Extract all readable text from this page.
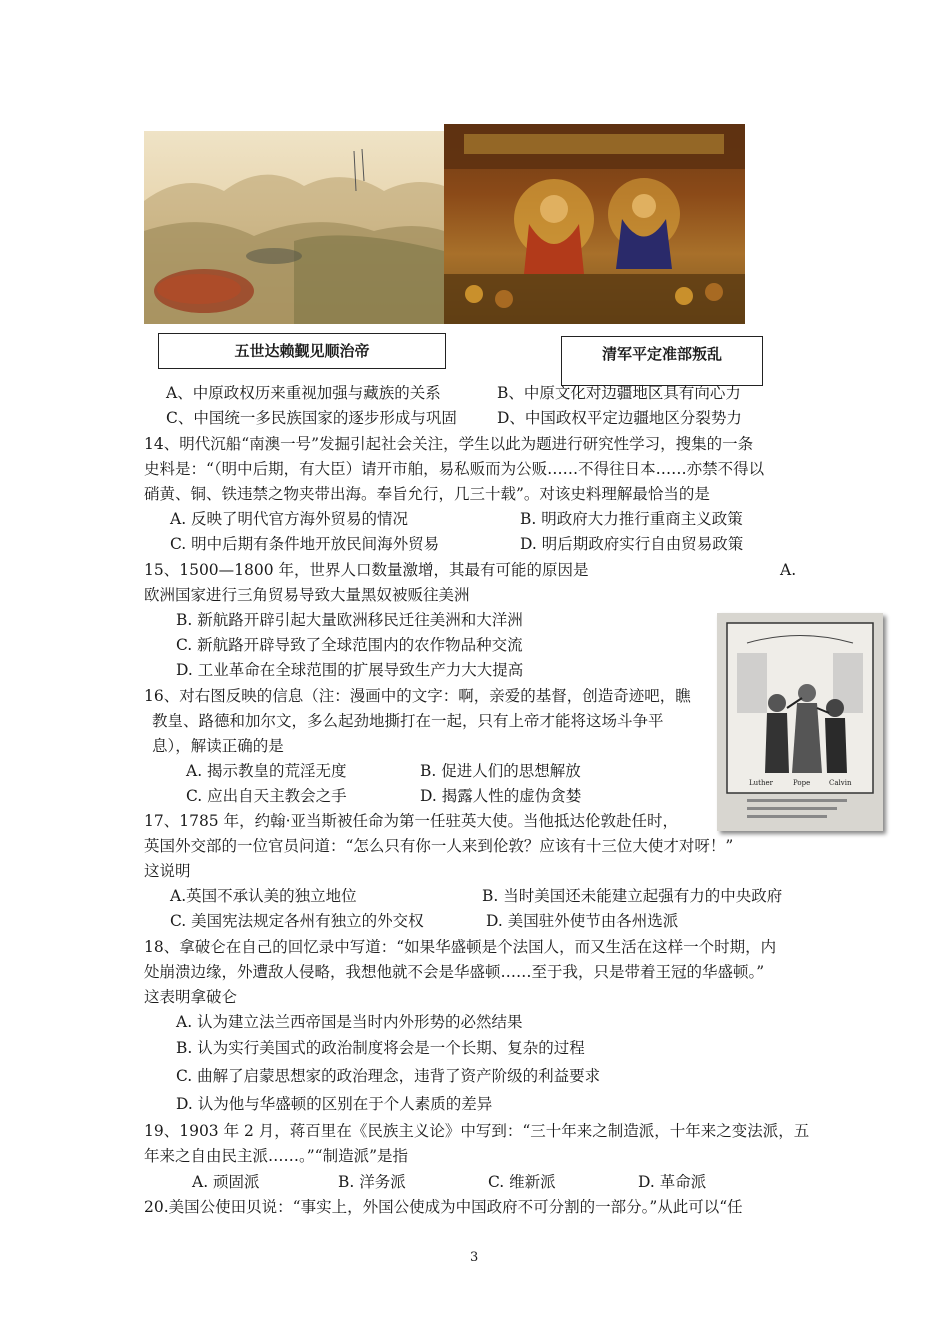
五世达赖觐见顺治帝	清军平定准部叛乱
A、中原政权历来重视加强与藏族的关系	B、中原文化对边疆地区具有向心力
C、中国统一多民族国家的逐步形成与巩固	D、中国政权平定边疆地区分裂势力
14、明代沉船“南澳一号”发掘引起社会关注，学生以此为题进行研究性学习，搜集的一条
史料是：“（明中后期，有大臣）请开市舶，易私贩而为公贩……不得往日本……亦禁不得以
硝黄、铜、铁违禁之物夹带出海。奉旨允行，几三十载”。对该史料理解最恰当的是
A. 反映了明代官方海外贸易的情况	B. 明政府大力推行重商主义政策
C. 明中后期有条件地开放民间海外贸易	D. 明后期政府实行自由贸易政策
15、1500—1800 年，世界人口数量激增，其最有可能的原因是	A.
欧洲国家进行三角贸易导致大量黑奴被贩往美洲
B. 新航路开辟引起大量欧洲移民迁往美洲和大洋洲
C. 新航路开辟导致了全球范围内的农作物品种交流
D. 工业革命在全球范围的扩展导致生产力大大提高
Luther	Pope	Calvin
16、对右图反映的信息（注：漫画中的文字：啊，亲爱的基督，创造奇迹吧，瞧
教皇、路德和加尔文，多么起劲地撕打在一起，只有上帝才能将这场斗争平
息），解读正确的是
A. 揭示教皇的荒淫无度	B. 促进人们的思想解放
C. 应出自天主教会之手	D. 揭露人性的虚伪贪婪
17、1785 年，约翰·亚当斯被任命为第一任驻英大使。当他抵达伦敦赴任时，
英国外交部的一位官员问道：“怎么只有你一人来到伦敦？应该有十三位大使才对呀！”
这说明
A.英国不承认美的独立地位	B. 当时美国还未能建立起强有力的中央政府
C. 美国宪法规定各州有独立的外交权	D. 美国驻外使节由各州选派
18、拿破仑在自己的回忆录中写道：“如果华盛顿是个法国人，而又生活在这样一个时期，内
处崩溃边缘，外遭敌人侵略，我想他就不会是华盛顿……至于我，只是带着王冠的华盛顿。”
这表明拿破仑
A. 认为建立法兰西帝国是当时内外形势的必然结果
B. 认为实行美国式的政治制度将会是一个长期、复杂的过程
C. 曲解了启蒙思想家的政治理念，违背了资产阶级的利益要求
D. 认为他与华盛顿的区别在于个人素质的差异
19、1903 年 2 月，蒋百里在《民族主义论》中写到：“三十年来之制造派，十年来之变法派，五
年来之自由民主派……。”“制造派”是指
A. 顽固派	B. 洋务派	C. 维新派	D. 革命派
20.美国公使田贝说：“事实上，外国公使成为中国政府不可分割的一部分。”从此可以“任
3
